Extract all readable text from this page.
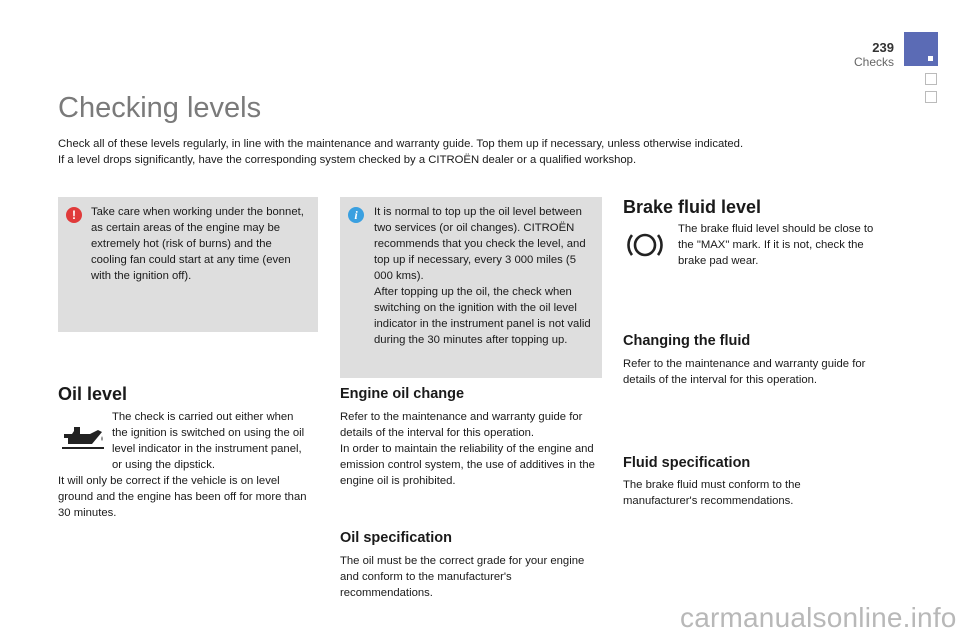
239
Checks
Checking levels
Check all of these levels regularly, in line with the maintenance and warranty guide. Top them up if necessary, unless otherwise indicated.
If a level drops significantly, have the corresponding system checked by a CITROËN dealer or a qualified workshop.
!	Take care when working under the bonnet, as certain areas of the engine may be extremely hot (risk of burns) and the cooling fan could start at any time (even with the ignition off).
i	It is normal to top up the oil level between two services (or oil changes). CITROËN recommends that you check the level, and top up if necessary, every 3 000 miles (5 000 kms).
After topping up the oil, the check when switching on the ignition with the oil level indicator in the instrument panel is not valid during the 30 minutes after topping up.
Oil level

The check is carried out either when the ignition is switched on using the oil level indicator in the instrument panel, or using the dipstick.

It will only be correct if the vehicle is on level ground and the engine has been off for more than 30 minutes.

Engine oil change

Refer to the maintenance and warranty guide for details of the interval for this operation.

In order to maintain the reliability of the engine and emission control system, the use of additives in the engine oil is prohibited.

Oil specification

The oil must be the correct grade for your engine and conform to the manufacturer's recommendations.

Brake fluid level

The brake fluid level should be close to the "MAX" mark. If it is not, check the brake pad wear.

Changing the fluid

Refer to the maintenance and warranty guide for details of the interval for this operation.

Fluid specification

The brake fluid must conform to the manufacturer's recommendations.

carmanualsonline.info
